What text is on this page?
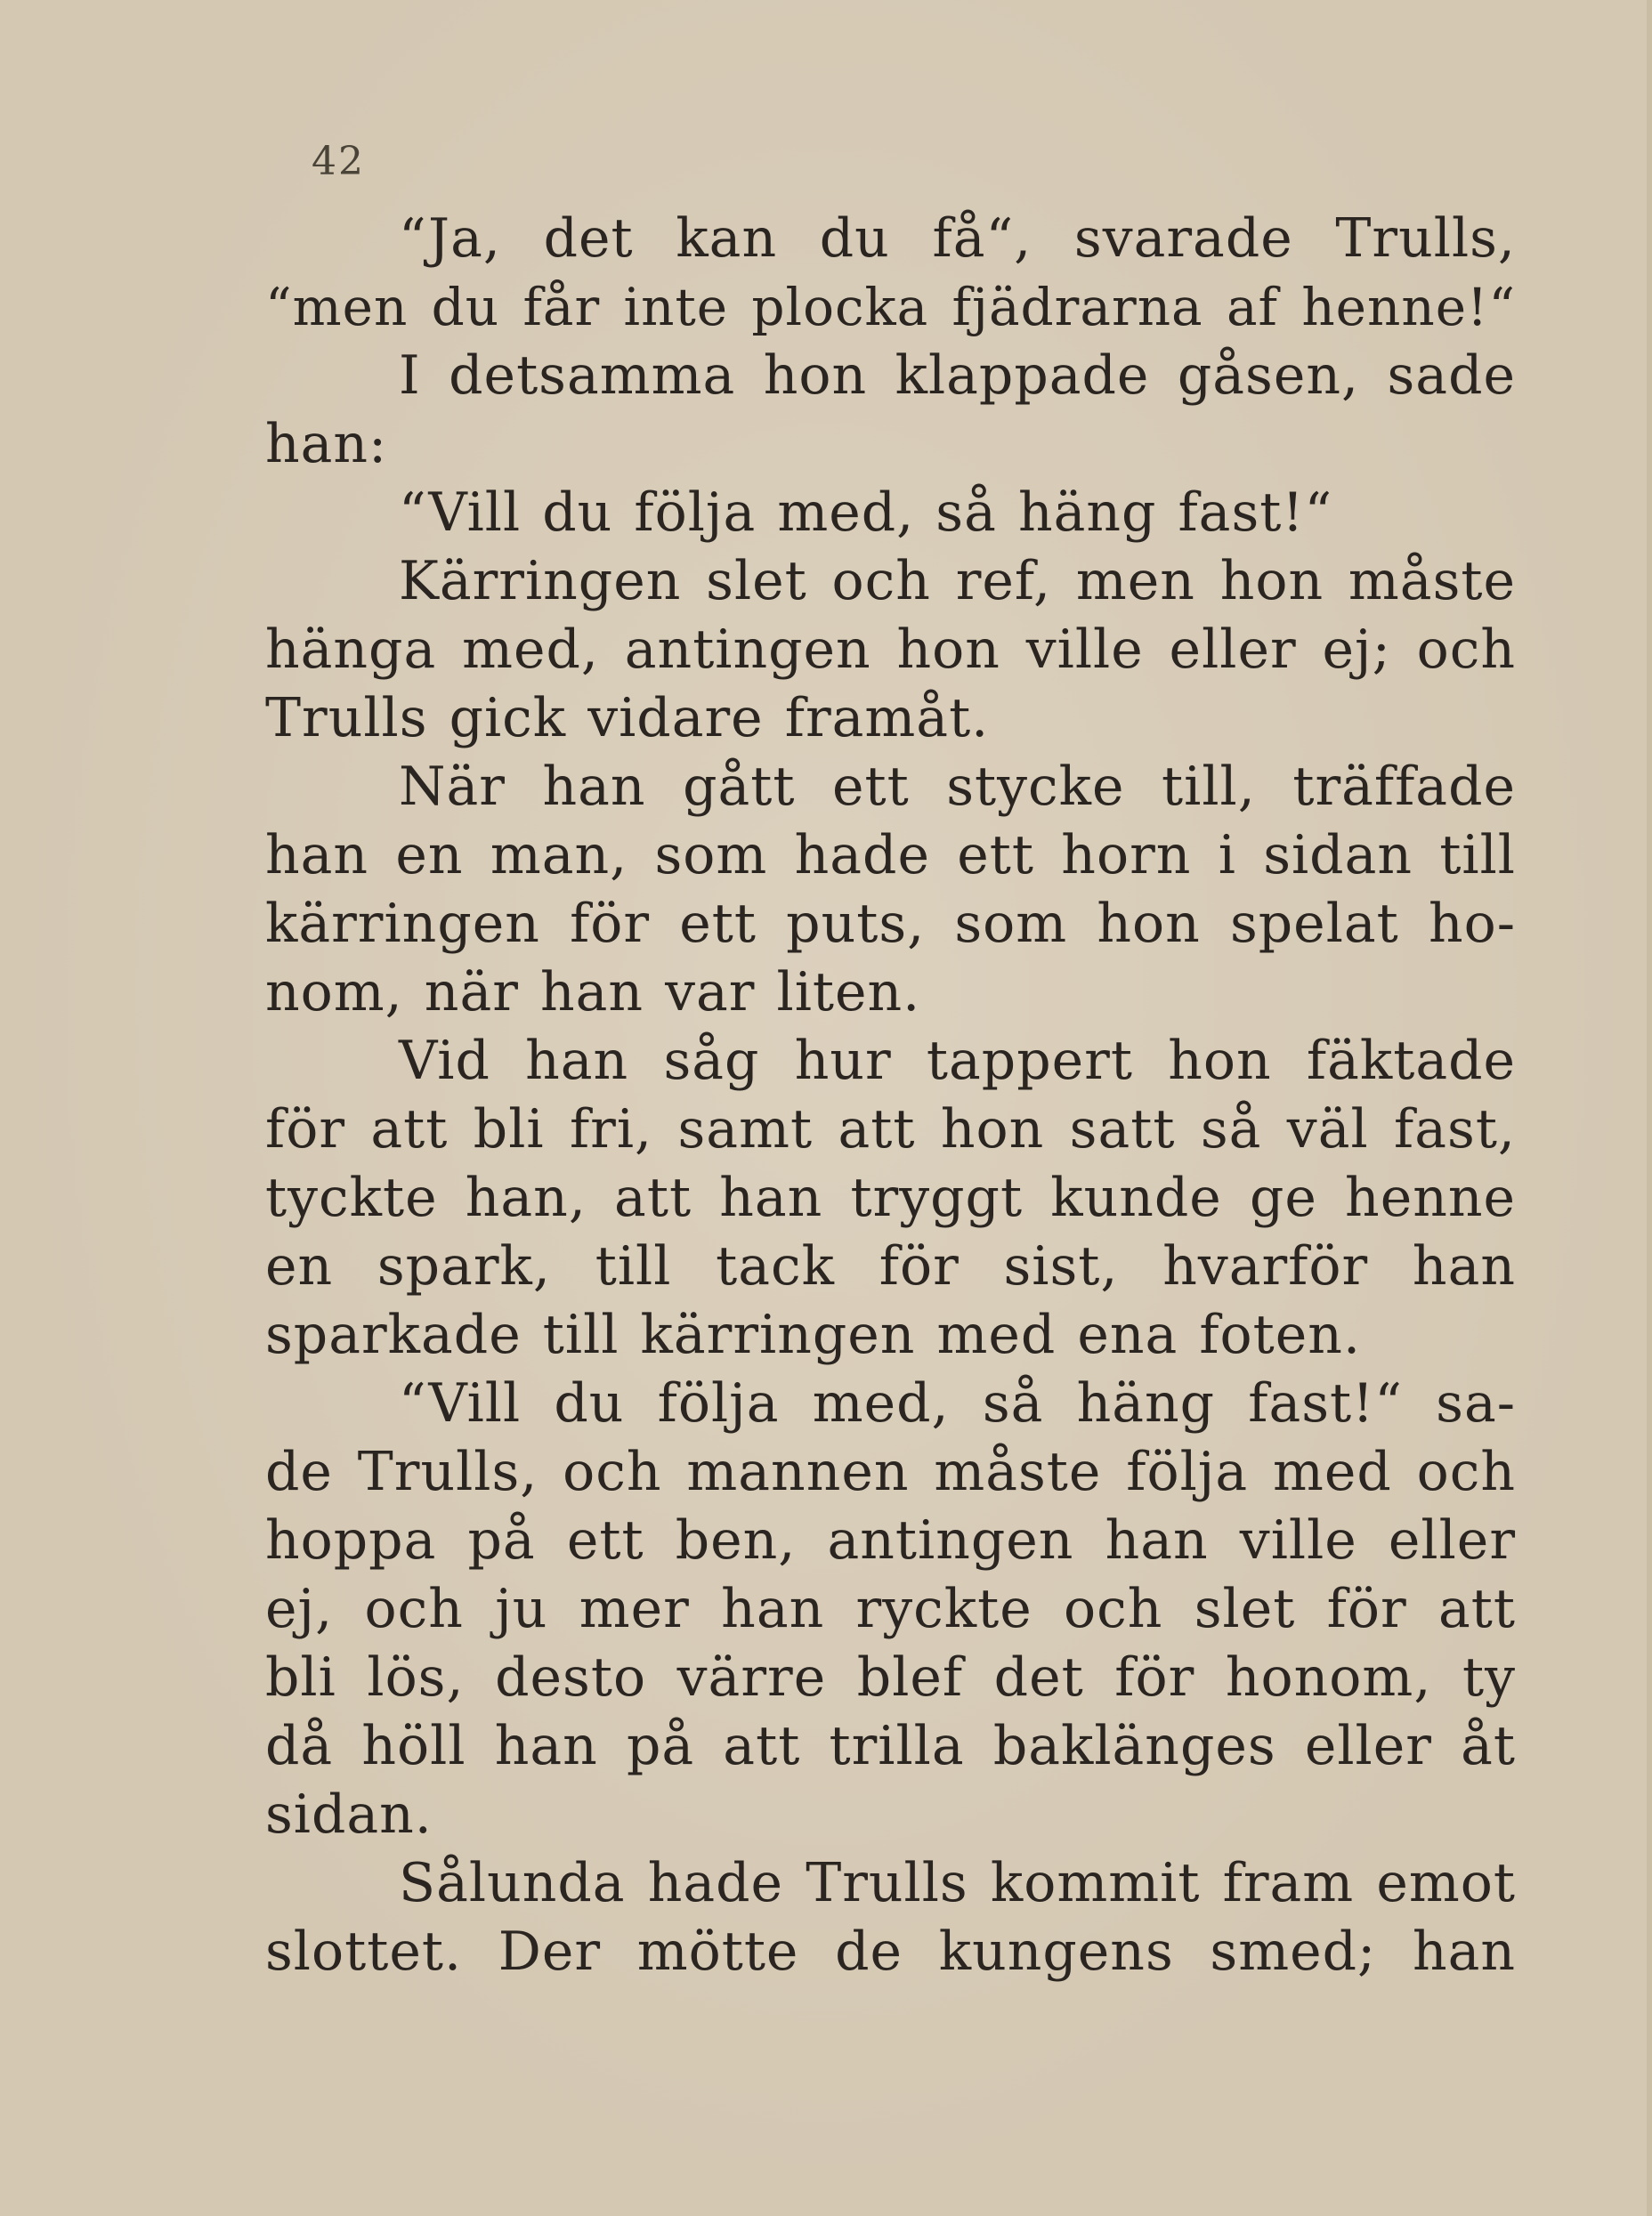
42
“Ja, det kan du få“, svarade Trulls,
“men du får inte plocka fjädrarna af henne!“
I detsamma hon klappade gåsen, sade
han:
“Vill du följa med, så häng fast!“
Kärringen slet och ref, men hon måste
hänga med, antingen hon ville eller ej; och
Trulls gick vidare framåt.
När han gått ett stycke till, träffade
han en man, som hade ett horn i sidan till
kärringen för ett puts, som hon spelat ho-
nom, när han var liten.
Vid han såg hur tappert hon fäktade
för att bli fri, samt att hon satt så väl fast,
tyckte han, att han tryggt kunde ge henne
en spark, till tack för sist, hvarför han
sparkade till kärringen med ena foten.
“Vill du följa med, så häng fast!“ sa-
de Trulls, och mannen måste följa med och
hoppa på ett ben, antingen han ville eller
ej, och ju mer han ryckte och slet för att
bli lös, desto värre blef det för honom, ty
då höll han på att trilla baklänges eller åt
sidan.
Sålunda hade Trulls kommit fram emot
slottet. Der mötte de kungens smed; han
